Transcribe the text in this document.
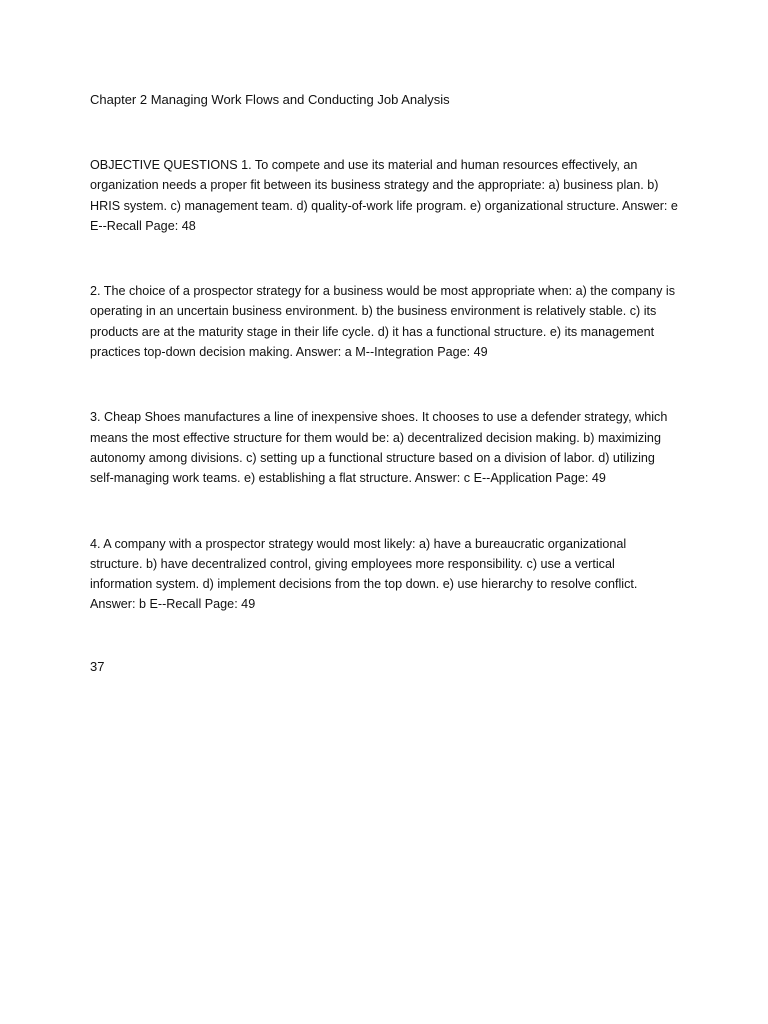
Chapter 2 Managing Work Flows and Conducting Job Analysis

OBJECTIVE QUESTIONS 1. To compete and use its material and human resources effectively, an organization needs a proper fit between its business strategy and the appropriate: a) business plan. b) HRIS system. c) management team. d) quality-of-work life program. e) organizational structure. Answer: e E--Recall Page: 48

2. The choice of a prospector strategy for a business would be most appropriate when: a) the company is operating in an uncertain business environment. b) the business environment is relatively stable. c) its products are at the maturity stage in their life cycle. d) it has a functional structure. e) its management practices top-down decision making. Answer: a M--Integration Page: 49

3. Cheap Shoes manufactures a line of inexpensive shoes. It chooses to use a defender strategy, which means the most effective structure for them would be: a) decentralized decision making. b) maximizing autonomy among divisions. c) setting up a functional structure based on a division of labor. d) utilizing self-managing work teams. e) establishing a flat structure. Answer: c E--Application Page: 49

4. A company with a prospector strategy would most likely: a) have a bureaucratic organizational structure. b) have decentralized control, giving employees more responsibility. c) use a vertical information system. d) implement decisions from the top down. e) use hierarchy to resolve conflict. Answer: b E--Recall Page: 49

37
